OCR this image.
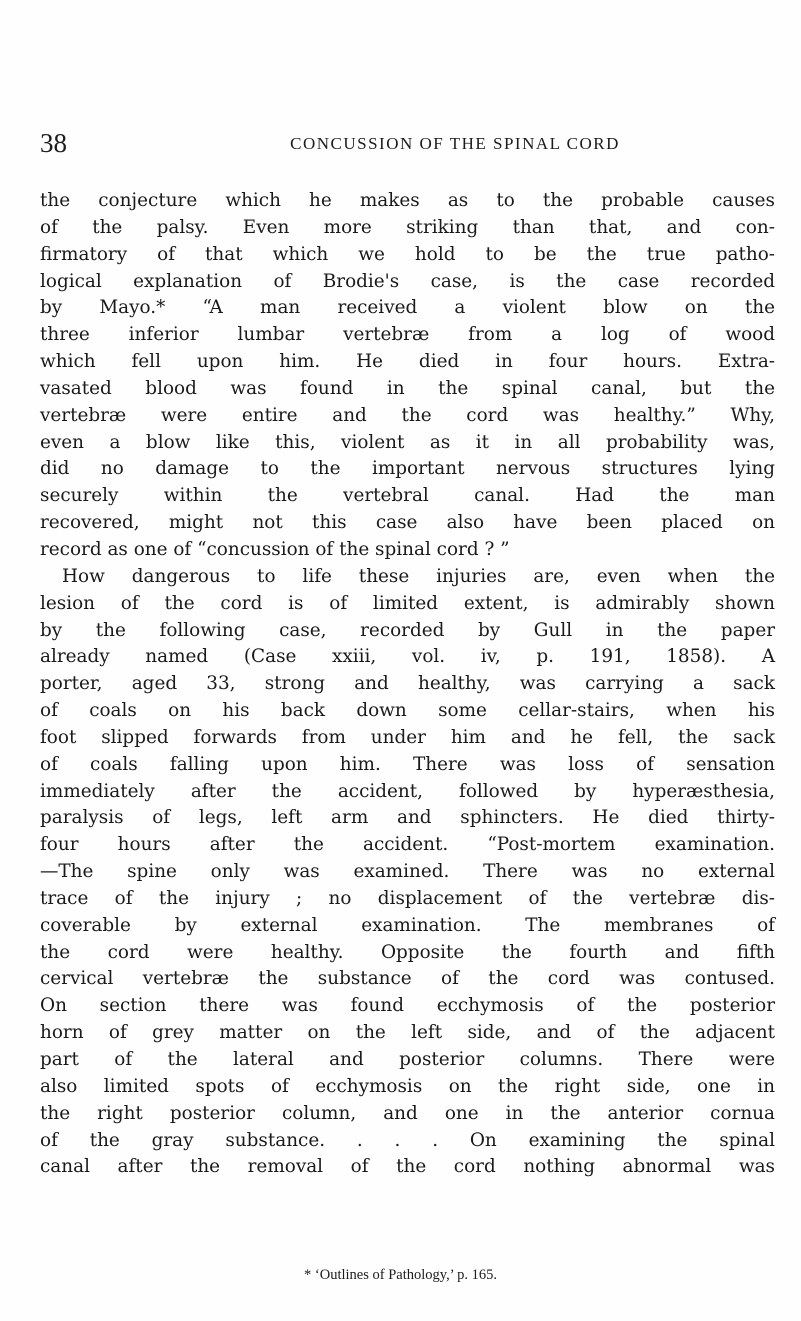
38	CONCUSSION OF THE SPINAL CORD
the conjecture which he makes as to the probable causes
of the palsy. Even more striking than that, and con-
firmatory of that which we hold to be the true patho-
logical explanation of Brodie's case, is the case recorded
by Mayo.* “A man received a violent blow on the
three inferior lumbar vertebræ from a log of wood
which fell upon him. He died in four hours. Extra-
vasated blood was found in the spinal canal, but the
vertebræ were entire and the cord was healthy.” Why,
even a blow like this, violent as it in all probability was,
did no damage to the important nervous structures lying
securely within the vertebral canal. Had the man
recovered, might not this case also have been placed on
record as one of “concussion of the spinal cord ? ”
How dangerous to life these injuries are, even when the
lesion of the cord is of limited extent, is admirably shown
by the following case, recorded by Gull in the paper
already named (Case xxiii, vol. iv, p. 191, 1858). A
porter, aged 33, strong and healthy, was carrying a sack
of coals on his back down some cellar-stairs, when his
foot slipped forwards from under him and he fell, the sack
of coals falling upon him. There was loss of sensation
immediately after the accident, followed by hyperæsthesia,
paralysis of legs, left arm and sphincters. He died thirty-
four hours after the accident. “Post-mortem examination.
—The spine only was examined. There was no external
trace of the injury ; no displacement of the vertebræ dis-
coverable by external examination. The membranes of
the cord were healthy. Opposite the fourth and fifth
cervical vertebræ the substance of the cord was contused.
On section there was found ecchymosis of the posterior
horn of grey matter on the left side, and of the adjacent
part of the lateral and posterior columns. There were
also limited spots of ecchymosis on the right side, one in
the right posterior column, and one in the anterior cornua
of the gray substance. . . . On examining the spinal
canal after the removal of the cord nothing abnormal was
* ‘Outlines of Pathology,’ p. 165.
